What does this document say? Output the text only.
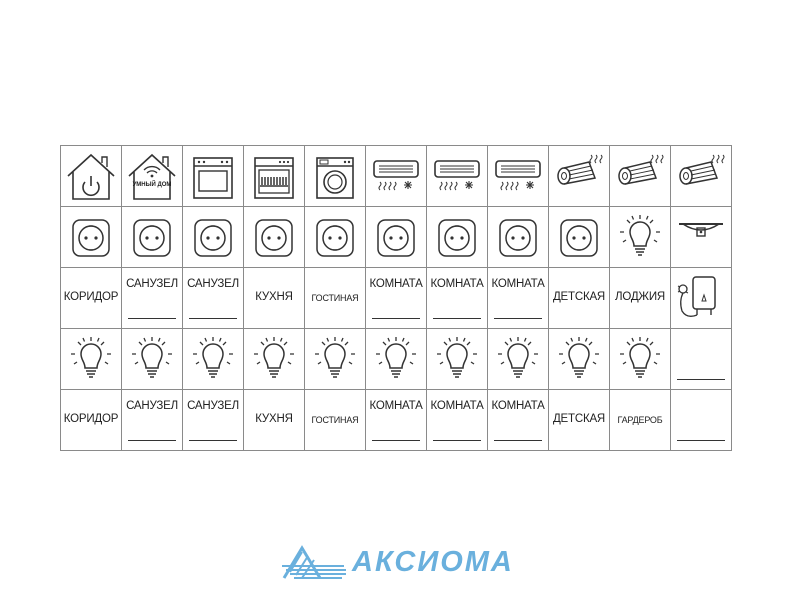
УМНЫЙ ДОМ

КОРИДОР	САНУЗЕЛ	САНУЗЕЛ	КУХНЯ	ГОСТИНАЯ	КОМНАТА	КОМНАТА	КОМНАТА	ДЕТСКАЯ	ЛОДЖИЯ

КОРИДОР	САНУЗЕЛ	САНУЗЕЛ	КУХНЯ	ГОСТИНАЯ	КОМНАТА	КОМНАТА	КОМНАТА	ДЕТСКАЯ	ГАРДЕРОБ	

АКСИОМА
